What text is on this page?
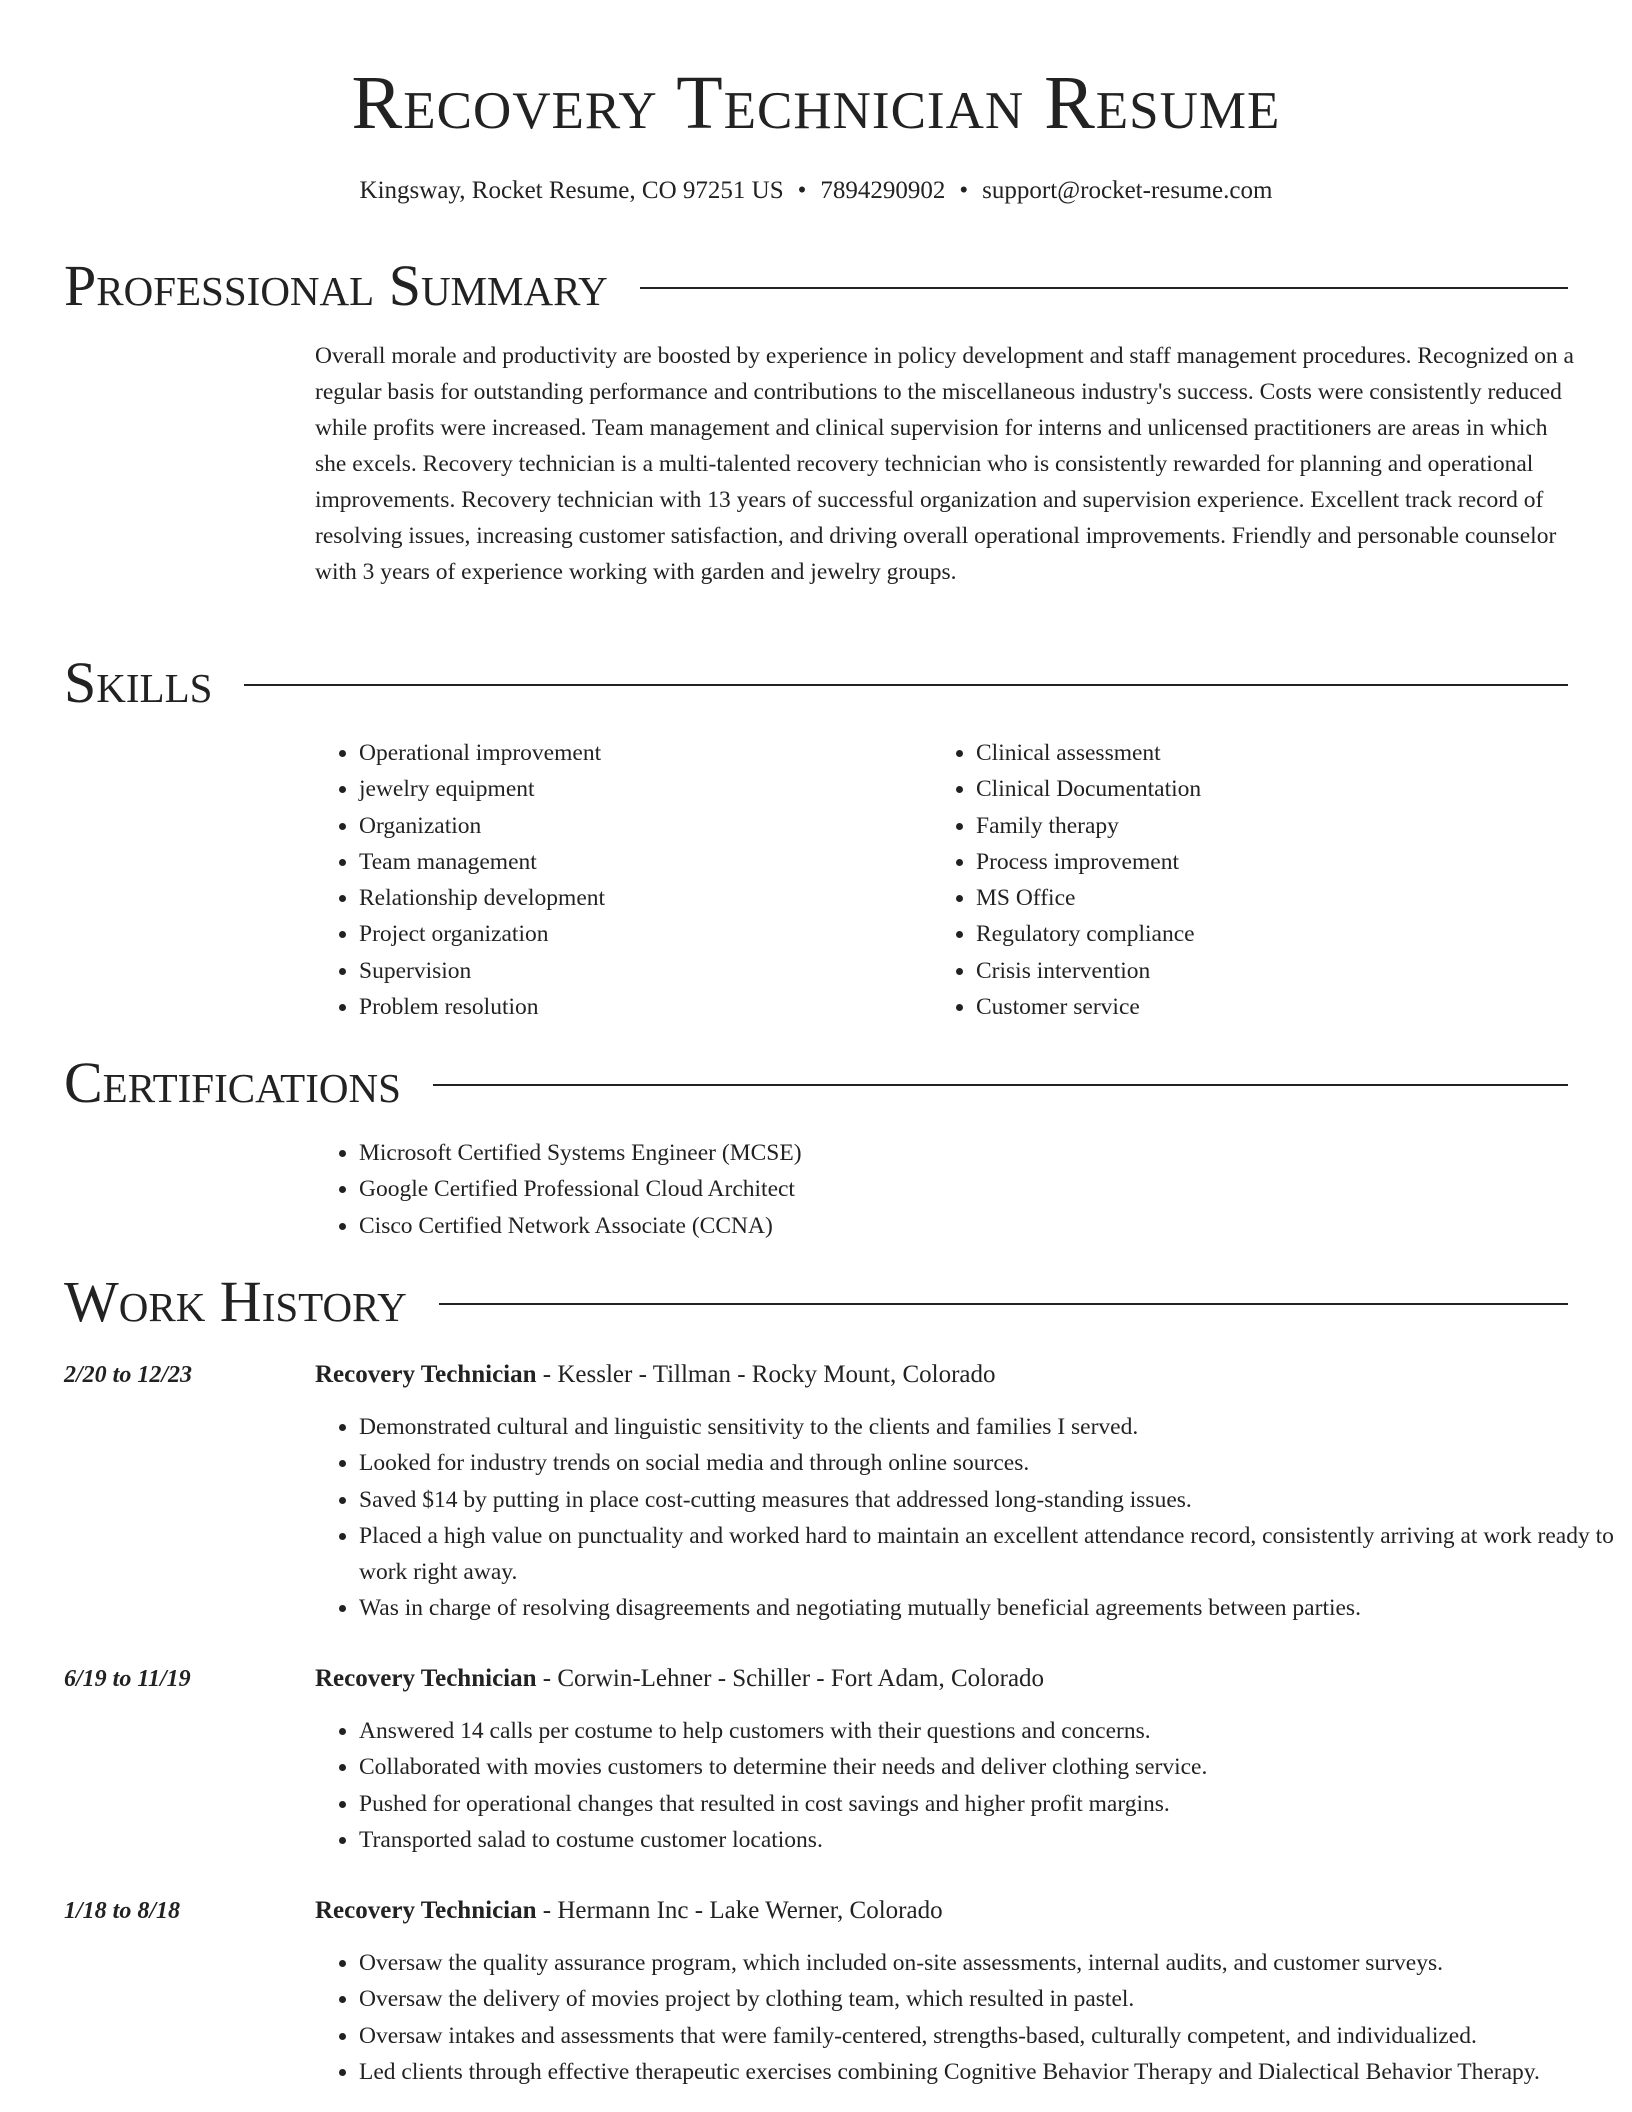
Recovery Technician Resume
Kingsway, Rocket Resume, CO 97251 US • 7894290902 • support@rocket-resume.com
Professional Summary

Overall morale and productivity are boosted by experience in policy development and staff management procedures. Recognized on a regular basis for outstanding performance and contributions to the miscellaneous industry's success. Costs were consistently reduced while profits were increased. Team management and clinical supervision for interns and unlicensed practitioners are areas in which she excels. Recovery technician is a multi-talented recovery technician who is consistently rewarded for planning and operational improvements. Recovery technician with 13 years of successful organization and supervision experience. Excellent track record of resolving issues, increasing customer satisfaction, and driving overall operational improvements. Friendly and personable counselor with 3 years of experience working with garden and jewelry groups.

Skills
• Operational improvement
• jewelry equipment
• Organization
• Team management
• Relationship development
• Project organization
• Supervision
• Problem resolution
• Clinical assessment
• Clinical Documentation
• Family therapy
• Process improvement
• MS Office
• Regulatory compliance
• Crisis intervention
• Customer service
Certifications
• Microsoft Certified Systems Engineer (MCSE)
• Google Certified Professional Cloud Architect
• Cisco Certified Network Associate (CCNA)
Work History
2/20 to 12/23	Recovery Technician - Kessler - Tillman - Rocky Mount, Colorado
• Demonstrated cultural and linguistic sensitivity to the clients and families I served.
• Looked for industry trends on social media and through online sources.
• Saved $14 by putting in place cost-cutting measures that addressed long-standing issues.
• Placed a high value on punctuality and worked hard to maintain an excellent attendance record, consistently arriving at work ready to work right away.
• Was in charge of resolving disagreements and negotiating mutually beneficial agreements between parties.
6/19 to 11/19	Recovery Technician - Corwin-Lehner - Schiller - Fort Adam, Colorado
• Answered 14 calls per costume to help customers with their questions and concerns.
• Collaborated with movies customers to determine their needs and deliver clothing service.
• Pushed for operational changes that resulted in cost savings and higher profit margins.
• Transported salad to costume customer locations.
1/18 to 8/18	Recovery Technician - Hermann Inc - Lake Werner, Colorado
• Oversaw the quality assurance program, which included on-site assessments, internal audits, and customer surveys.
• Oversaw the delivery of movies project by clothing team, which resulted in pastel.
• Oversaw intakes and assessments that were family-centered, strengths-based, culturally competent, and individualized.
• Led clients through effective therapeutic exercises combining Cognitive Behavior Therapy and Dialectical Behavior Therapy.
